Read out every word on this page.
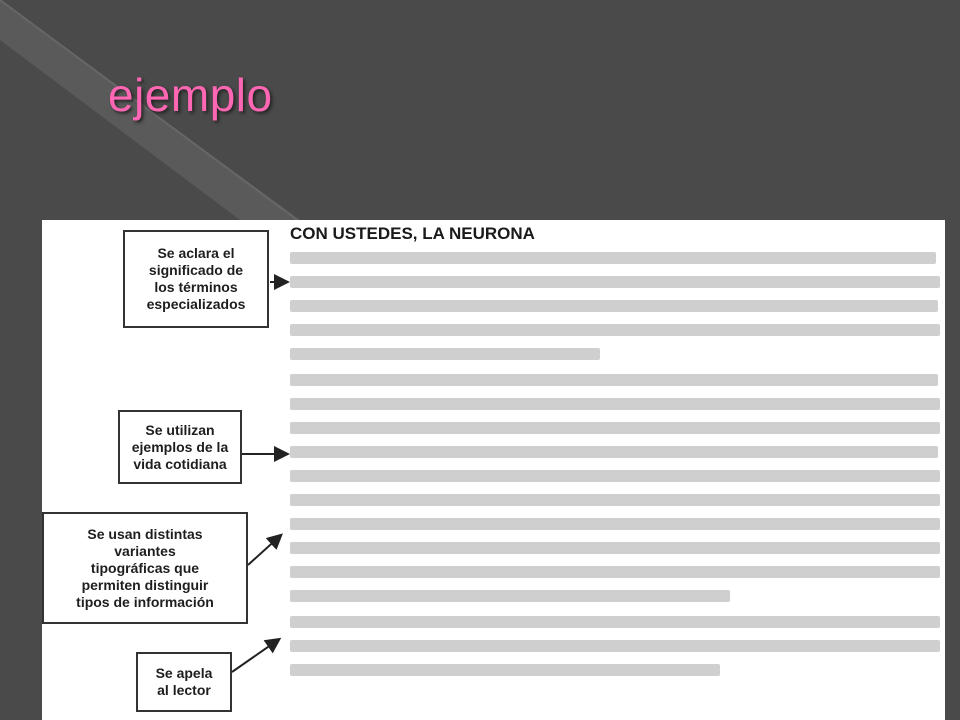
ejemplo
Se aclara el
significado de
los términos
especializados
Se utilizan
ejemplos de la
vida cotidiana
Se usan distintas
variantes
tipográficas que
permiten distinguir
tipos de información
Se apela
al lector
CON USTEDES, LA NEURONA
